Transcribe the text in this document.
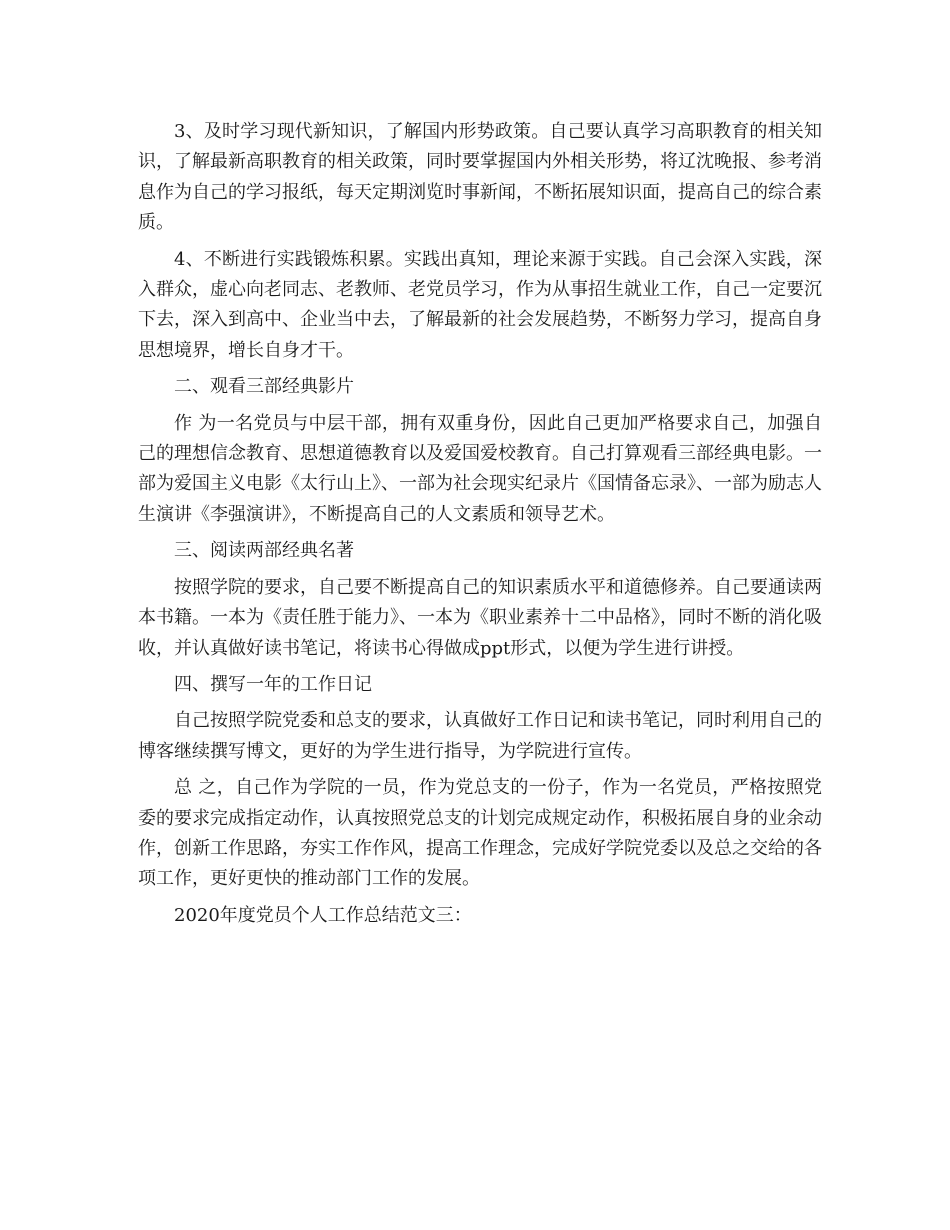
3、及时学习现代新知识，了解国内形势政策。自己要认真学习高职教育的相关知识，了解最新高职教育的相关政策，同时要掌握国内外相关形势，将辽沈晚报、参考消息作为自己的学习报纸，每天定期浏览时事新闻，不断拓展知识面，提高自己的综合素质。

4、不断进行实践锻炼积累。实践出真知，理论来源于实践。自己会深入实践，深入群众，虚心向老同志、老教师、老党员学习，作为从事招生就业工作，自己一定要沉下去，深入到高中、企业当中去，了解最新的社会发展趋势，不断努力学习，提高自身思想境界，增长自身才干。

二、观看三部经典影片

作 为一名党员与中层干部，拥有双重身份，因此自己更加严格要求自己，加强自己的理想信念教育、思想道德教育以及爱国爱校教育。自己打算观看三部经典电影。一 部为爱国主义电影《太行山上》、一部为社会现实纪录片《国情备忘录》、一部为励志人生演讲《李强演讲》，不断提高自己的人文素质和领导艺术。

三、阅读两部经典名著

按照学院的要求，自己要不断提高自己的知识素质水平和道德修养。自己要通读两本书籍。一本为《责任胜于能力》、一本为《职业素养十二中品格》，同时不断的消化吸收，并认真做好读书笔记，将读书心得做成ppt形式，以便为学生进行讲授。

四、撰写一年的工作日记

自己按照学院党委和总支的要求，认真做好工作日记和读书笔记，同时利用自己的博客继续撰写博文，更好的为学生进行指导，为学院进行宣传。

总 之，自己作为学院的一员，作为党总支的一份子，作为一名党员，严格按照党委的要求完成指定动作，认真按照党总支的计划完成规定动作，积极拓展自身的业余动 作，创新工作思路，夯实工作作风，提高工作理念，完成好学院党委以及总之交给的各项工作，更好更快的推动部门工作的发展。

2020年度党员个人工作总结范文三：
